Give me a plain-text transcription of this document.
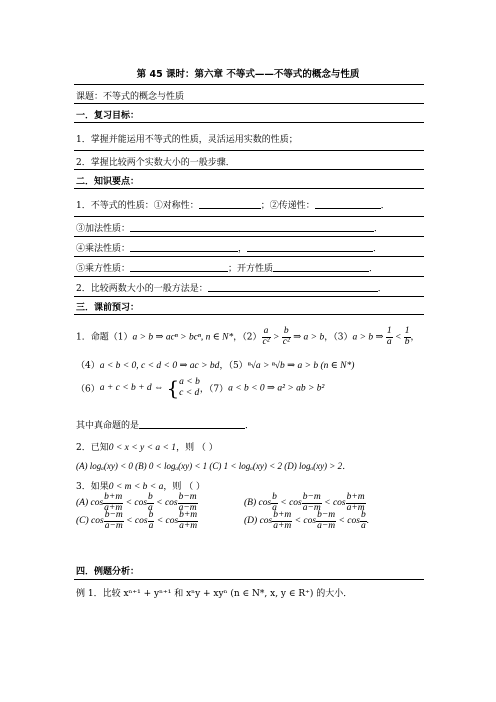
第 45 课时：第六章 不等式——不等式的概念与性质
课题：不等式的概念与性质
一．复习目标：
1．掌握并能运用不等式的性质，灵活运用实数的性质；
2．掌握比较两个实数大小的一般步骤．
二．知识要点：
1．不等式的性质：①对称性：	；②传递性：	．
③加法性质：	．
④乘法性质：	，	．
⑤乘方性质：	；开方性质	．
2．比较两数大小的一般方法是：	．
三．课前预习：
1．命题（1）a > b ⇒ acⁿ > bcⁿ, n ∈ N*，$(2) \frac{a}{\text{c²}} > \frac{b}{\text{c²}}$ ⇒ a > b，（3）a > b ⇒ $\frac{1}{a} < \frac{1}{b}$ ，
（4）a < b < 0, c < d < 0 ⇒ ac > bd，（5）ⁿ√a > ⁿ√b ⇒ a > b (n ∈ N*)
（6）a + c < b + d ⇔ { a < b
c < d ，（7）a < b < 0 ⇒ a² > ab > b²
其中真命题的是	．
2．已知0 < x < y < a < 1，则 （ ）
(A) logₐ(xy) < 0 (B) 0 < logₐ(xy) < 1 (C) 1 < logₐ(xy) < 2 (D) logₐ(xy) > 2．
3．如果0 < m < b < a，则 （ ）
(A) $\cos \frac{b+m}{a+m} < \cos \frac{b}{a} < \cos \frac{b-m}{a-m}$	(B) $\cos \frac{b}{a} < \cos \frac{b-m}{a-m} < \cos \frac{b+m}{a+m}$
(C) $\cos \frac{b-m}{a-m} < \cos \frac{b}{a} < \cos \frac{b+m}{a+m}$	(D) $\cos \frac{b+m}{a+m} < \cos \frac{b-m}{a-m} < \cos \frac{b}{a}$ .
四．例题分析：
例 1．比较 xⁿ⁺¹ + yⁿ⁺¹ 和 xⁿy + xyⁿ (n ∈ N*, x, y ∈ R⁺) 的大小．
